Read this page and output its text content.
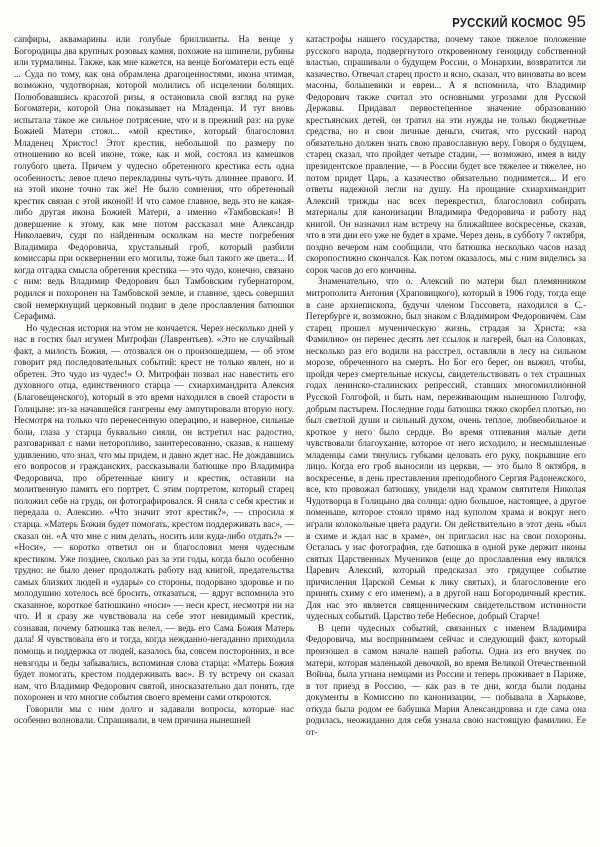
РУССКИЙ КОСМОС 95

сапфиры, аквамарины или голубые бриллианты. На венце у Богородицы два крупных розовых камня, похожие на шпинели, рубины или турмалины. Также, как мне кажется, на венце Богоматери есть ещё ... Суда по тому, как она обрамлена драгоценностями, икона чтимая, возможно, чудотворная, которой молились об исцелении болящих. Полюбовавшись красотой ризы, я остановила свой взгляд на руке Богоматери, которой Она показывает на Младенца. И тут вновь испытала такое же сильное потрясение, что и в прежний раз: на руке Божией Матери стоял... «мой крестик», который благословил Младенец Христос! Этот крестик, небольшой по размеру по отношению ко всей иконе, тоже, как и мой, состоял из камешков голубого цвета. Причем у чудесно обретенного крестика есть одна особенность: левое плечо перекладины чуть-чуть длиннее правого. И на этой иконе точно так же! Не было сомнения, что обретенный крестик связан с этой иконой! И что самое главное, ведь это не какая-либо другая икона Божией Матери, а именно «Тамбовская»! В довершение к этому, как мне потом рассказал мне Александр Николаевич, судя по найденным осколкам на месте погребения Владимира Федоровича, хрустальный гроб, который разбили комиссары при осквернении его могилы, тоже был такого же цвета... И когда отгадка смысла обретения крестика — это чудо, конечно, связано с ним: ведь Владимир Федорович был Тамбовским губернатором, родился и похоронен на Тамбовской земле, и главное, здесь совершил свой немеркнущий церковный подвиг в деле прославления батюшки Серафима.

Но чудесная история на этом не кончается. Через несколько дней у нас в гостях был игумен Митрофан (Лаврентьев). «Это не случайный факт, а милость Божия, — отозвался он о произошедшем, — об этом говорит ряд последовательных событий: крест не только явлен, но и обретен. Это чудо из чудес!» О. Митрофан позвал нас навестить его духовного отца, единственного старца — схиархимандрита Алексия (Благовещенского), который в это время находился в своей старости в Голицыне: из-за начавшейся гангрены ему ампутировали вторую ногу. Несмотря на только что перенесенную операцию, и наверное, сильные боли, глаза у старца буквально сияли, он встретил нас радостно, разговаривал с нами неторопливо, заинтересованно, сказав, к нашему удивлению, что знал, что мы придем, и давно ждет нас. Не дождавшись его вопросов и гражданских, рассказывали батюшке про Владимира Федоровича, про обретенные книгу и крестик, оставили на молитвенную память его портрет. С этим портретом, который старец положил себе на грудь, он фотографировался. Я сняла с себя крестик и передала о. Алексию. «Что значит этот крестик?», — спросила я старца. «Матерь Божия будет помогать, крестом поддерживать вас», — сказал он. «А что мне с ним делать, носить или куда-либо отдать?» — «Носи», — коротко ответил он и благословил меня чудесным крестиком. Уже позднее, сколько раз за эти годы, когда было особенно трудно: не было денег продолжать работу над книгой, предательства самых близких людей и «удары» со стороны, подорвано здоровье и по молодушию хотелось всё бросить, отказаться, — вдруг вспомнила это сказанное, короткое батюшкино «носи» — неси крест, несмотря ни на что. И я сразу же чувствовала на себе этот невидимый крестик, сознавая, почему батюшка так велел, — ведь его Сама Божия Матерь дала! Я чувствовала его и тогда, когда нежданно-негаданно приходила помощь и поддержка от людей, казалось бы, совсем посторонних, и все невзгоды и беды забывались, вспоминая слова старца: «Матерь Божия будет помогать, крестом поддерживать вас». В ту встречу он сказал нам, что Владимир Федорович святой, иносказательно дал понять, где похоронен и что многие события своего времени сами откроются.

Говорили мы с ним долго и задавали вопросы, которые нас особенно волновали. Спрашивали, в чем причина нынешней

катастрофы нашего государства, почему такое тяжелое положение русского народа, подвергнутого откровенному геноциду собственной властью, спрашивали о будущем России, о Монархии, возвратится ли казачество. Отвечал старец просто и ясно, сказал, что виноваты во всем масоны, большевики и евреи... А я вспомнила, что Владимир Федорович также считал это основными угрозами для Русской Державы. Придавал первостепенное значение образованию крестьянских детей, он тратил на эти нужды не только бюджетные средства, но и свои личные деньги, считая, что русский народ обязательно должен знать свою православную веру. Говоря о будущем, старец сказал, что пройдет четыре стадии, — возможно, имея в виду президентское правление, — в России будет все тяжелее и тяжелее, но потом придет Царь, а казачество обязательно поднимется... И его ответы надежной легли на душу. На прощание схиархимандрит Алексий трижды нас всех перекрестил, благословил собирать материалы для канонизации Владимира Федоровича и работу над книгой. Он назначил нам встречу на ближайшее воскресенье, сказав, что в эти дни его уже не будет в храме. Через день, в субботу 7 октября, поздно вечером нам сообщили, что батюшка несколько часов назад скоропостижно скончался. Как потом оказалось, мы с ним виделись за сорок часов до его кончины.

Знаменательно, что о. Алексий по матери был племянником митрополита Антония (Храповицкого), который в 1906 году, тогда еще в сане архиепископа, будучи членом Госсовета, находился в С.-Петербурге и, возможно, был знаком с Владимиром Федоровичем. Сам старец прошел мученическую жизнь, страдая за Христа: «за Фамилию» он перенес десять лет ссылок и лагерей, был на Соловках, несколько раз его водили на расстрел, оставляли в лесу на сильном морозе, обреченного на смерть. Но Бог его берег, он выжил, чтобы, пройдя через смертельные искусы, свидетельствовать о тех страшных годах ленинско-сталинских репрессий, ставших многомиллионной Русской Голгофой, и быть нам, переживающим нынешнюю Голгофу, добрым пастырем. Последние годы батюшка тяжко скорбел плотью, но был светлой души и сильный духом, очень теплое, любвеобильное и кроткое у него было сердце. Во время отпевания малые дети чувствовали благоухание, которое от него исходило, и несмышленые младенцы сами тянулись губками целовать его руку, покрывшие его лицо. Когда его гроб выносили из церкви, — это было 8 октября, в воскресенье, в день преставления преподобного Сергия Радонежского, все, кто провожал батюшку, увидели над храмом святителя Николая Чудотворца в Голицыно два солнца: одно большое, настоящее, а другое поменьше, которое стояло прямо над куполом храма и вокруг него играли колокольные цвета радуги. Он действительно в этот день «был в схиме и ждал нас в храме», он пригласил нас на свои похороны. Осталась у нас фотография, где батюшка в одной руке держит иконы святых Царственных Мучеников (еще до прославления ему являлся Царевич Алексий, который предсказал это грядущее событие причисления Царской Семьи к лику святых), и благословение его принять схиму с его именем), а в другой наш Богородичный крестик. Для нас это является священническим свидетельством истинности чудесных событий. Царство тебе Небесное, добрый Старче!

В цепи чудесных событий, связанных с именем Владимира Федоровича, мы воспринимаем сейчас и следующий факт, который произошел в самом начале нашей работы. Одна из его внучек по матери, которая маленькой девочкой, во время Великой Отечественной Войны, была угнана немцами из России и теперь проживает в Париже, в тот приезд в Россию, — как раз в те дни, когда были поданы документы в Комиссию по канонизации, — побывала в Харькове, откуда была родом ее бабушка Мария Александровна и где сама она родилась, неожиданно для себя узнала свою настоящую фамилию. Ее от-
